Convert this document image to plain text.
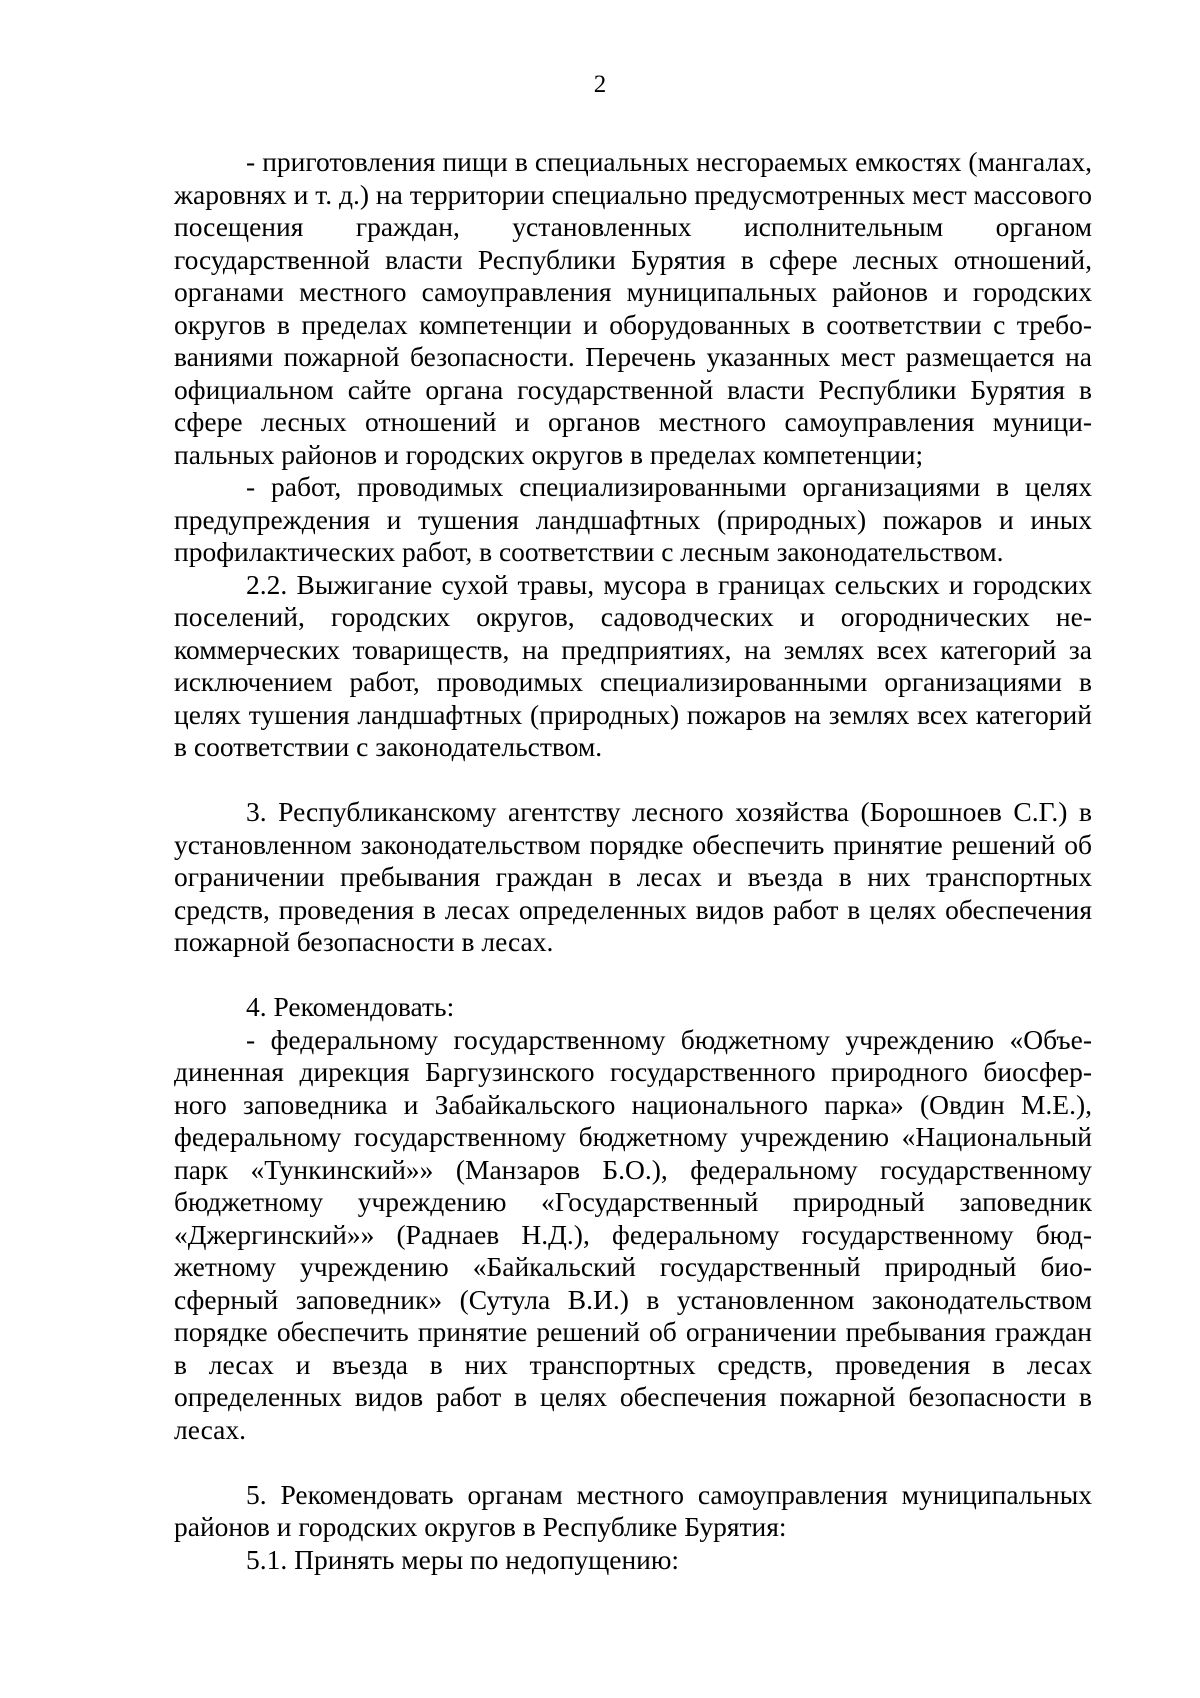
2

- приготовления пищи в специальных несгораемых емкостях (мангалах, жаровнях и т. д.) на территории специально предусмотренных мест массового посещения граждан, установленных исполнительным органом государственной власти Республики Бурятия в сфере лесных отношений, органами местного самоуправления муниципальных районов и городских округов в пределах компетенции и оборудованных в соответствии с требованиями пожарной безопасности. Перечень указанных мест размещается на официальном сайте органа государственной власти Республики Бурятия в сфере лесных отношений и органов местного самоуправления муниципальных районов и городских округов в пределах компетенции;

- работ, проводимых специализированными организациями в целях предупреждения и тушения ландшафтных (природных) пожаров и иных профилактических работ, в соответствии с лесным законодательством.

2.2. Выжигание сухой травы, мусора в границах сельских и городских поселений, городских округов, садоводческих и огороднических некоммерческих товариществ, на предприятиях, на землях всех категорий за исключением работ, проводимых специализированными организациями в целях тушения ландшафтных (природных) пожаров на землях всех категорий в соответствии с законодательством.

3. Республиканскому агентству лесного хозяйства (Борошноев С.Г.) в установленном законодательством порядке обеспечить принятие решений об ограничении пребывания граждан в лесах и въезда в них транспортных средств, проведения в лесах определенных видов работ в целях обеспечения пожарной безопасности в лесах.

4. Рекомендовать:

- федеральному государственному бюджетному учреждению «Объединенная дирекция Баргузинского государственного природного биосферного заповедника и Забайкальского национального парка» (Овдин М.Е.), федеральному государственному бюджетному учреждению «Национальный парк «Тункинский»» (Манзаров Б.О.), федеральному государственному бюджетному учреждению «Государственный природный заповедник «Джергинский»» (Раднаев Н.Д.), федеральному государственному бюджетному учреждению «Байкальский государственный природный биосферный заповедник» (Сутула В.И.) в установленном законодательством порядке обеспечить принятие решений об ограничении пребывания граждан в лесах и въезда в них транспортных средств, проведения в лесах определенных видов работ в целях обеспечения пожарной безопасности в лесах.

5. Рекомендовать органам местного самоуправления муниципальных районов и городских округов в Республике Бурятия:

5.1. Принять меры по недопущению:
